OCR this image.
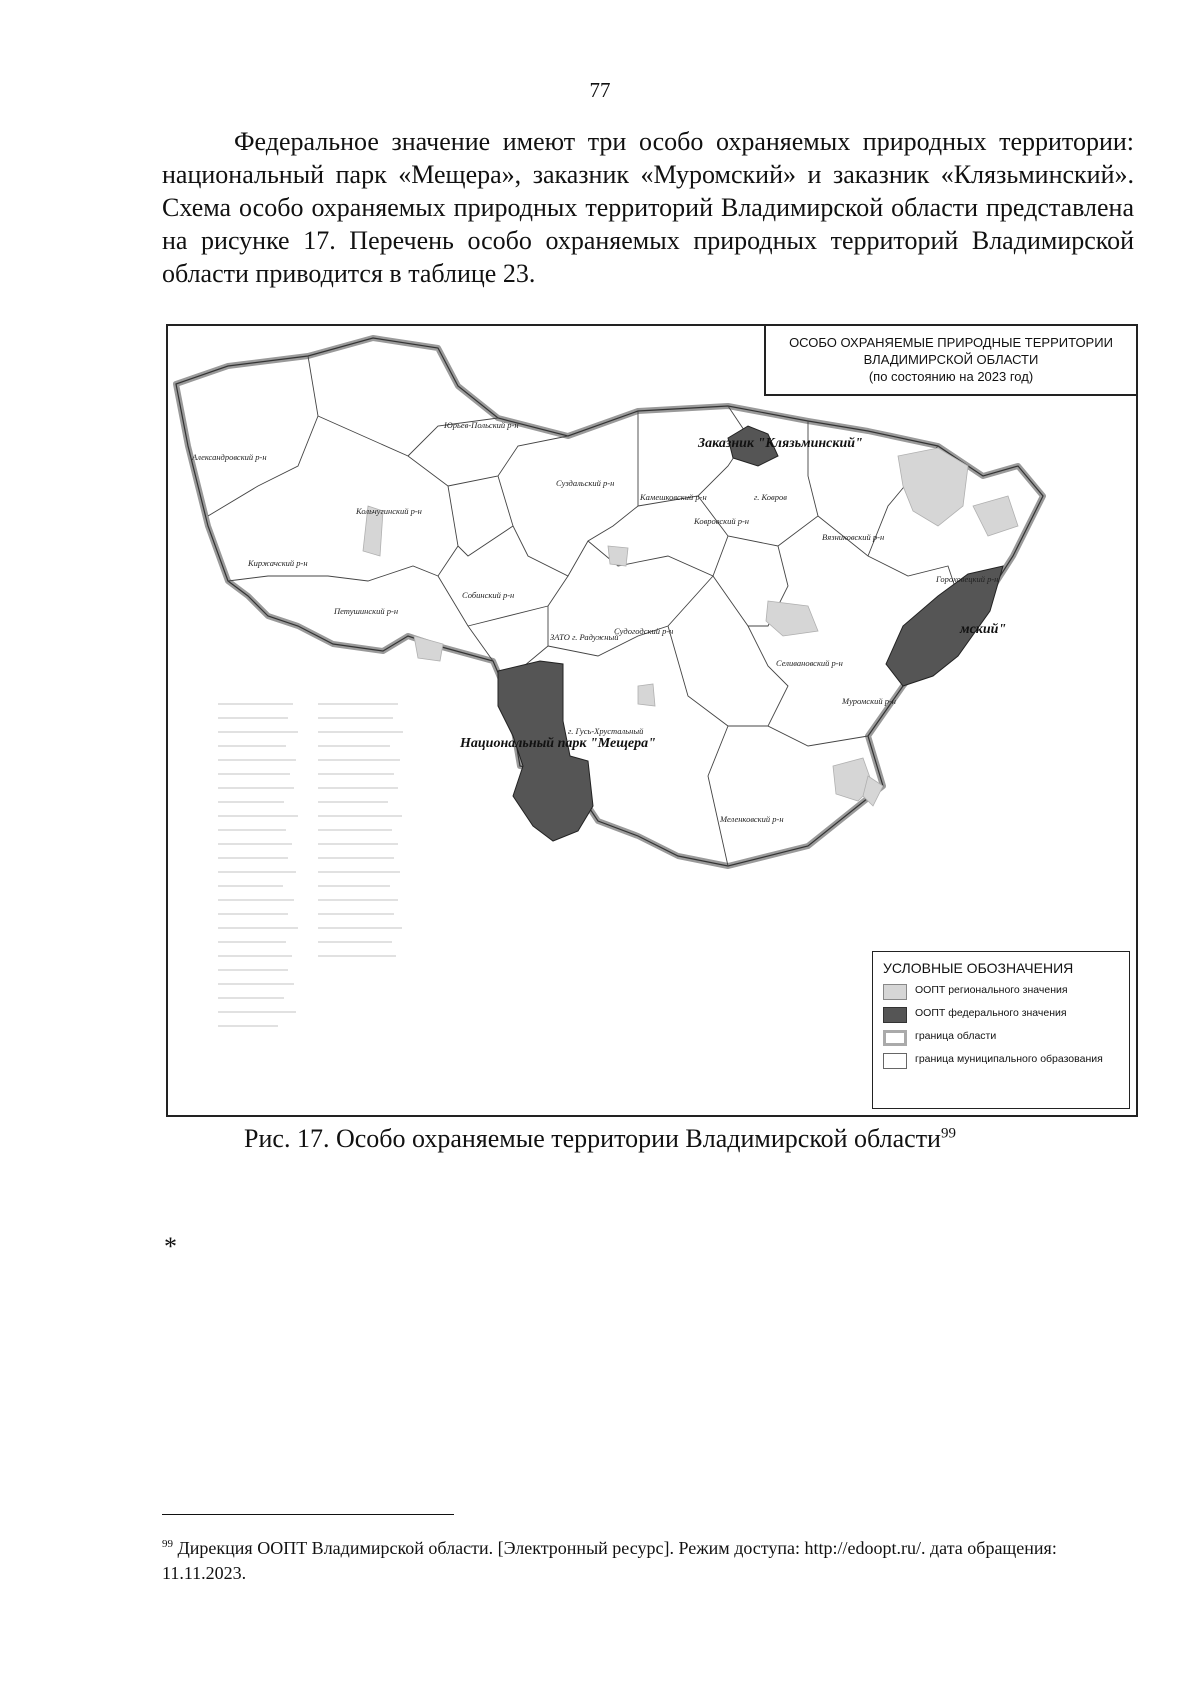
77

Федеральное значение имеют три особо охраняемых природных территории: национальный парк «Мещера», заказник «Муромский» и заказник «Клязьминский». Схема особо охраняемых природных территорий Владимирской области представлена на рисунке 17. Перечень особо охраняемых природных территорий Владимирской области приводится в таблице 23.

ОСОБО ОХРАНЯЕМЫЕ ПРИРОДНЫЕ ТЕРРИТОРИИ
ВЛАДИМИРСКОЙ ОБЛАСТИ
(по состоянию на 2023 год)
Заказник "Клязьминский"
Национальный парк "Мещера"
мский"
Юрьев-Польский р-н
Александровский р-н
Кольчугинский р-н
Суздальский р-н
Камешковский р-н
Ковровский р-н
г. Ковров
Вязниковский р-н
Гороховецкий р-н
Киржачский р-н
Петушинский р-н
Собинский р-н
ЗАТО г. Радужный
Судогодский р-н
Селивановский р-н
Муромский р-н
г. Гусь-Хрустальный
Меленковский р-н
УСЛОВНЫЕ ОБОЗНАЧЕНИЯ
ООПТ регионального значения
ООПТ федерального значения
граница области
граница муниципального образования
Рис. 17. Особо охраняемые территории Владимирской области$^{99}$
*
$^{99}$ Дирекция ООПТ Владимирской области. [Электронный ресурс]. Режим доступа: http://edoopt.ru/. дата обращения: 11.11.2023.
